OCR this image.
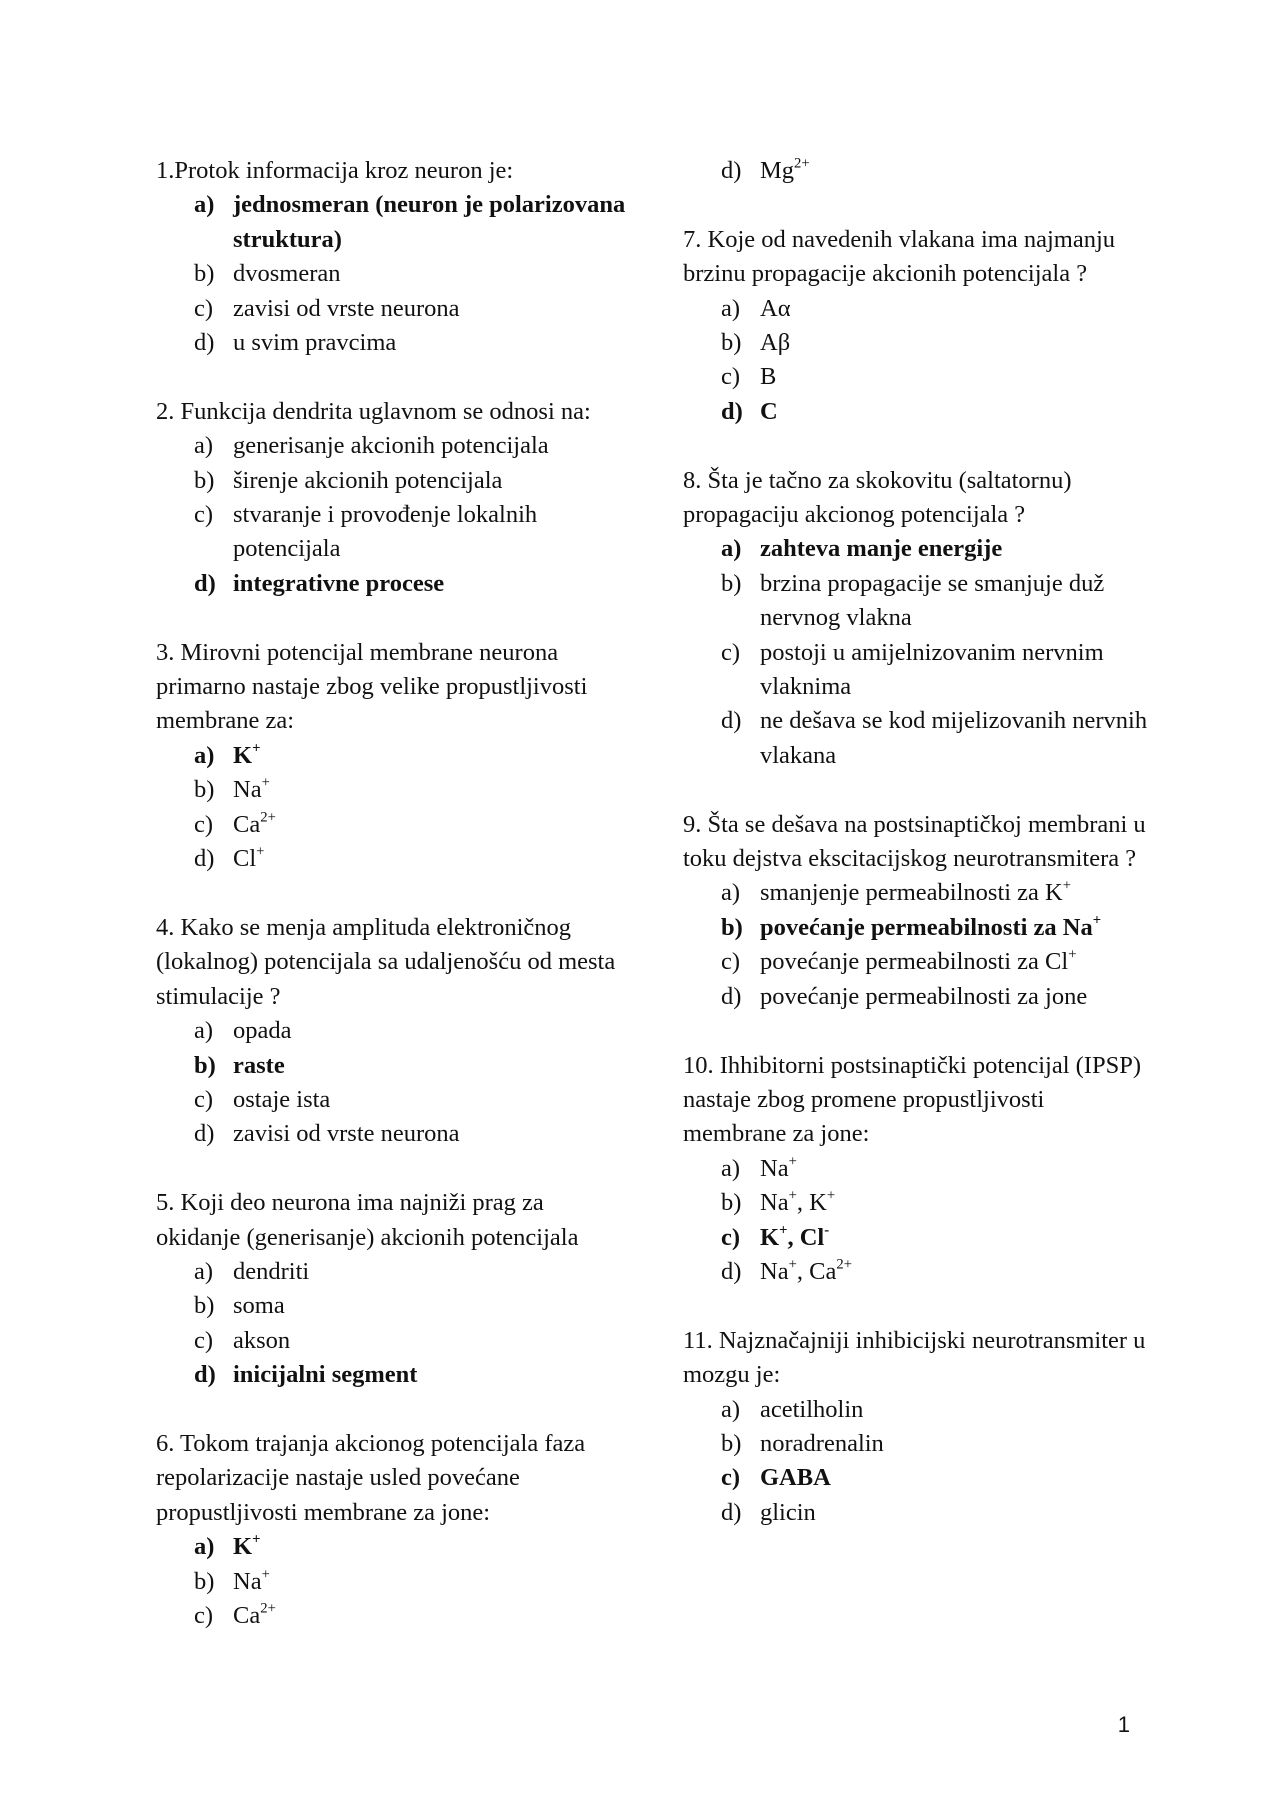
1.Protok informacija kroz neuron je:

a) jednosmeran (neuron je polarizovana struktura)
b) dvosmeran
c) zavisi od vrste neurona
d) u svim pravcima

2. Funkcija dendrita uglavnom se odnosi na:

a) generisanje akcionih potencijala
b) širenje akcionih potencijala
c) stvaranje i provođenje lokalnih potencijala
d) integrativne procese

3. Mirovni potencijal membrane neurona primarno nastaje zbog velike propustljivosti membrane za:

a) K+
b) Na+
c) $Ca^{2+}$
d) Cl+

4. Kako se menja amplituda elektroničnog (lokalnog) potencijala sa udaljenošću od mesta stimulacije ?

a) opada
b) raste
c) ostaje ista
d) zavisi od vrste neurona

5. Koji deo neurona ima najniži prag za okidanje (generisanje) akcionih potencijala

a) dendriti
b) soma
c) akson
d) inicijalni segment

6. Tokom trajanja akcionog potencijala faza repolarizacije nastaje usled povećane propustljivosti membrane za jone:

a) K+
b) Na+
c) $Ca^{2+}$
d) $Mg^{2+}$

7. Koje od navedenih vlakana ima najmanju brzinu propagacije akcionih potencijala ?

a) Aα
b) Aβ
c) B
d) C

8. Šta je tačno za skokovitu (saltatornu) propagaciju akcionog potencijala ?

a) zahteva manje energije
b) brzina propagacije se smanjuje duž nervnog vlakna
c) postoji u amijelnizovanim nervnim vlaknima
d) ne dešava se kod mijelizovanih nervnih vlakana

9. Šta se dešava na postsinaptičkoj membrani u toku dejstva ekscitacijskog neurotransmitera ?

a) smanjenje permeabilnosti za K+
b) povećanje permeabilnosti za Na+
c) povećanje permeabilnosti za Cl+
d) povećanje permeabilnosti za jone

10. Ihhibitorni postsinaptički potencijal (IPSP) nastaje zbog promene propustljivosti membrane za jone:

a) Na+
b) Na+, K+
c) K+, Cl-
d) Na+, $Ca^{2+}$

11. Najznačajniji inhibicijski neurotransmiter u mozgu je:

a) acetilholin
b) noradrenalin
c) GABA
d) glicin
1
